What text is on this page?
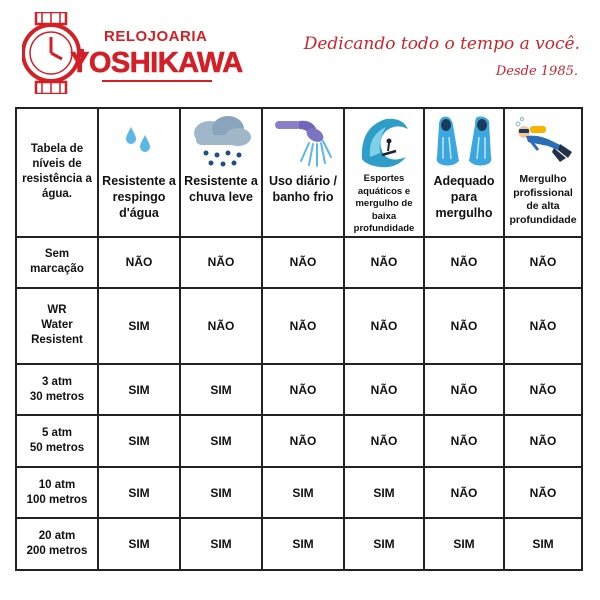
RELOJOARIA
YOSHIKAWA
Dedicando todo o tempo a você.
Desde 1985.
Tabela de níveis de resistência a água.	Resistente a respingo d'água	Resistente a chuva leve	Uso diário / banho frio	Esportes aquáticos e mergulho de baixa profundidade	Adequado para mergulho	Mergulho profissional de alta profundidade

Sem
marcação	NÃO	NÃO	NÃO	NÃO	NÃO	NÃO
WR
Water
Resistent	SIM	NÃO	NÃO	NÃO	NÃO	NÃO
3 atm
30 metros	SIM	SIM	NÃO	NÃO	NÃO	NÃO
5 atm
50 metros	SIM	SIM	NÃO	NÃO	NÃO	NÃO
10 atm
100 metros	SIM	SIM	SIM	SIM	NÃO	NÃO
20 atm
200 metros	SIM	SIM	SIM	SIM	SIM	SIM
